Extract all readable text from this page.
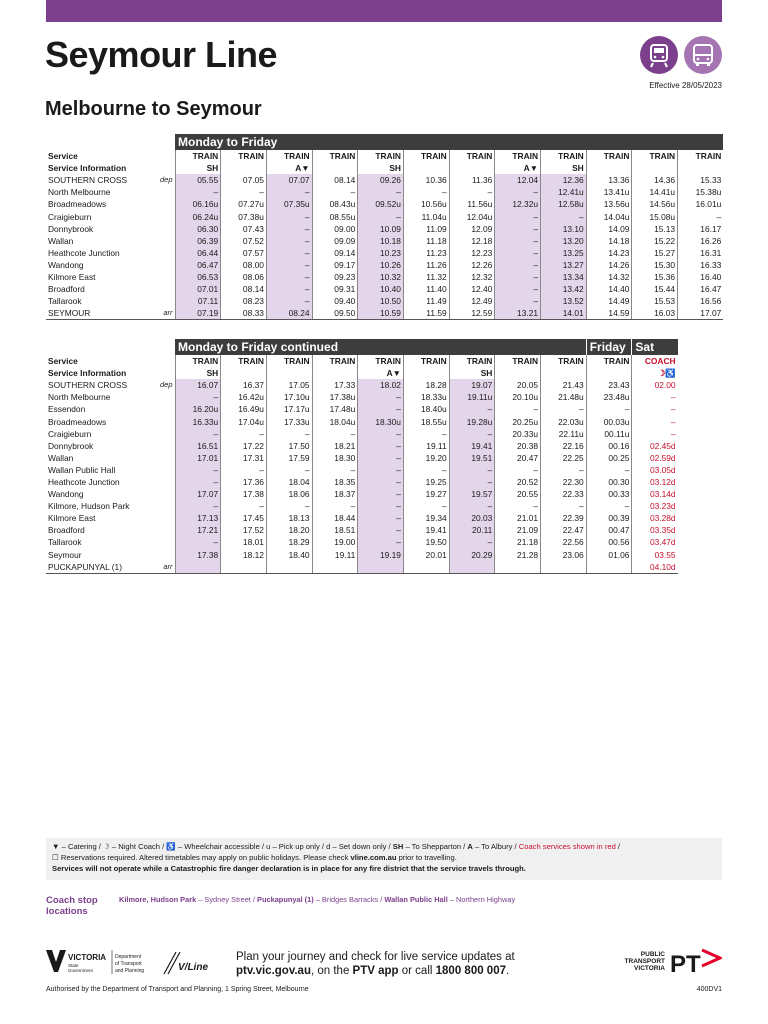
Seymour Line
Melbourne to Seymour
Effective 28/05/2023
		Monday to Friday											
Service		TRAIN	TRAIN	TRAIN	TRAIN	TRAIN	TRAIN	TRAIN	TRAIN	TRAIN	TRAIN	TRAIN	TRAIN
Service Information		SH		A▼		SH			A▼	SH			
SOUTHERN CROSS	dep	05.55	07.05	07.07	08.14	09.26	10.36	11.36	12.04	12.36	13.36	14.36	15.33
North Melbourne		–	–	–	–	–	–	–	–	12.41u	13.41u	14.41u	15.38u
Broadmeadows		06.16u	07.27u	07.35u	08.43u	09.52u	10.56u	11.56u	12.32u	12.58u	13.56u	14.56u	16.01u
Craigieburn		06.24u	07.38u	–	08.55u	–	11.04u	12.04u	–	–	14.04u	15.08u	–
Donnybrook		06.30	07.43	–	09.00	10.09	11.09	12.09	–	13.10	14.09	15.13	16.17
Wallan		06.39	07.52	–	09.09	10.18	11.18	12.18	–	13.20	14.18	15.22	16.26
Heathcote Junction		06.44	07.57	–	09.14	10.23	11.23	12.23	–	13.25	14.23	15.27	16.31
Wandong		06.47	08.00	–	09.17	10.26	11.26	12.26	–	13.27	14.26	15.30	16.33
Kilmore East		06.53	08.06	–	09.23	10.32	11.32	12.32	–	13.34	14.32	15.36	16.40
Broadford		07.01	08.14	–	09.31	10.40	11.40	12.40	–	13.42	14.40	15.44	16.47
Tallarook		07.11	08.23	–	09.40	10.50	11.49	12.49	–	13.52	14.49	15.53	16.56
SEYMOUR	arr	07.19	08.33	08.24	09.50	10.59	11.59	12.59	13.21	14.01	14.59	16.03	17.07
		Monday to Friday continued									Friday	Sat
Service		TRAIN	TRAIN	TRAIN	TRAIN	TRAIN	TRAIN	TRAIN	TRAIN	TRAIN	TRAIN	COACH
Service Information		SH				A▼		SH				☽♿
SOUTHERN CROSS	dep	16.07	16.37	17.05	17.33	18.02	18.28	19.07	20.05	21.43	23.43	02.00
North Melbourne		–	16.42u	17.10u	17.38u	–	18.33u	19.11u	20.10u	21.48u	23.48u	–
Essendon		16.20u	16.49u	17.17u	17.48u	–	18.40u	–	–	–	–	–
Broadmeadows		16.33u	17.04u	17.33u	18.04u	18.30u	18.55u	19.28u	20.25u	22.03u	00.03u	–
Craigieburn		–	–	–	–	–	–	–	20.33u	22.11u	00.11u	–
Donnybrook		16.51	17.22	17.50	18.21	–	19.11	19.41	20.38	22.16	00.16	02.45d
Wallan		17.01	17.31	17.59	18.30	–	19.20	19.51	20.47	22.25	00.25	02.59d
Wallan Public Hall		–	–	–	–	–	–	–	–	–	–	03.05d
Heathcote Junction		–	17.36	18.04	18.35	–	19.25	–	20.52	22.30	00.30	03.12d
Wandong		17.07	17.38	18.06	18.37	–	19.27	19.57	20.55	22.33	00.33	03.14d
Kilmore, Hudson Park		–	–	–	–	–	–	–	–	–	–	03.23d
Kilmore East		17.13	17.45	18.13	18.44	–	19.34	20.03	21.01	22.39	00.39	03.28d
Broadford		17.21	17.52	18.20	18.51	–	19.41	20.11	21.09	22.47	00.47	03.35d
Tallarook		–	18.01	18.29	19.00	–	19.50	–	21.18	22.56	00.56	03.47d
Seymour		17.38	18.12	18.40	19.11	19.19	20.01	20.29	21.28	23.06	01.06	03.55
PUCKAPUNYAL (1)	arr											04.10d
▼ – Catering / ☽ – Night Coach / ♿ – Wheelchair accessible / u – Pick up only / d – Set down only / SH – To Shepparton / A – To Albury / Coach services shown in red /
☐ Reservations required. Altered timetables may apply on public holidays. Please check vline.com.au prior to travelling.
Services will not operate while a Catastrophic fire danger declaration is in place for any fire district that the service travels through.
Coach stop locations
Kilmore, Hudson Park – Sydney Street / Puckapunyal (1) – Bridges Barracks / Wallan Public Hall – Northern Highway
VICTORIA
State
Government
Department
of Transport
and Planning	V/Line
Plan your journey and check for live service updates at
ptv.vic.gov.au, on the PTV app or call 1800 800 007.
PUBLIC
TRANSPORT
VICTORIA PT
Authorised by the Department of Transport and Planning, 1 Spring Street, Melbourne	400DV1
